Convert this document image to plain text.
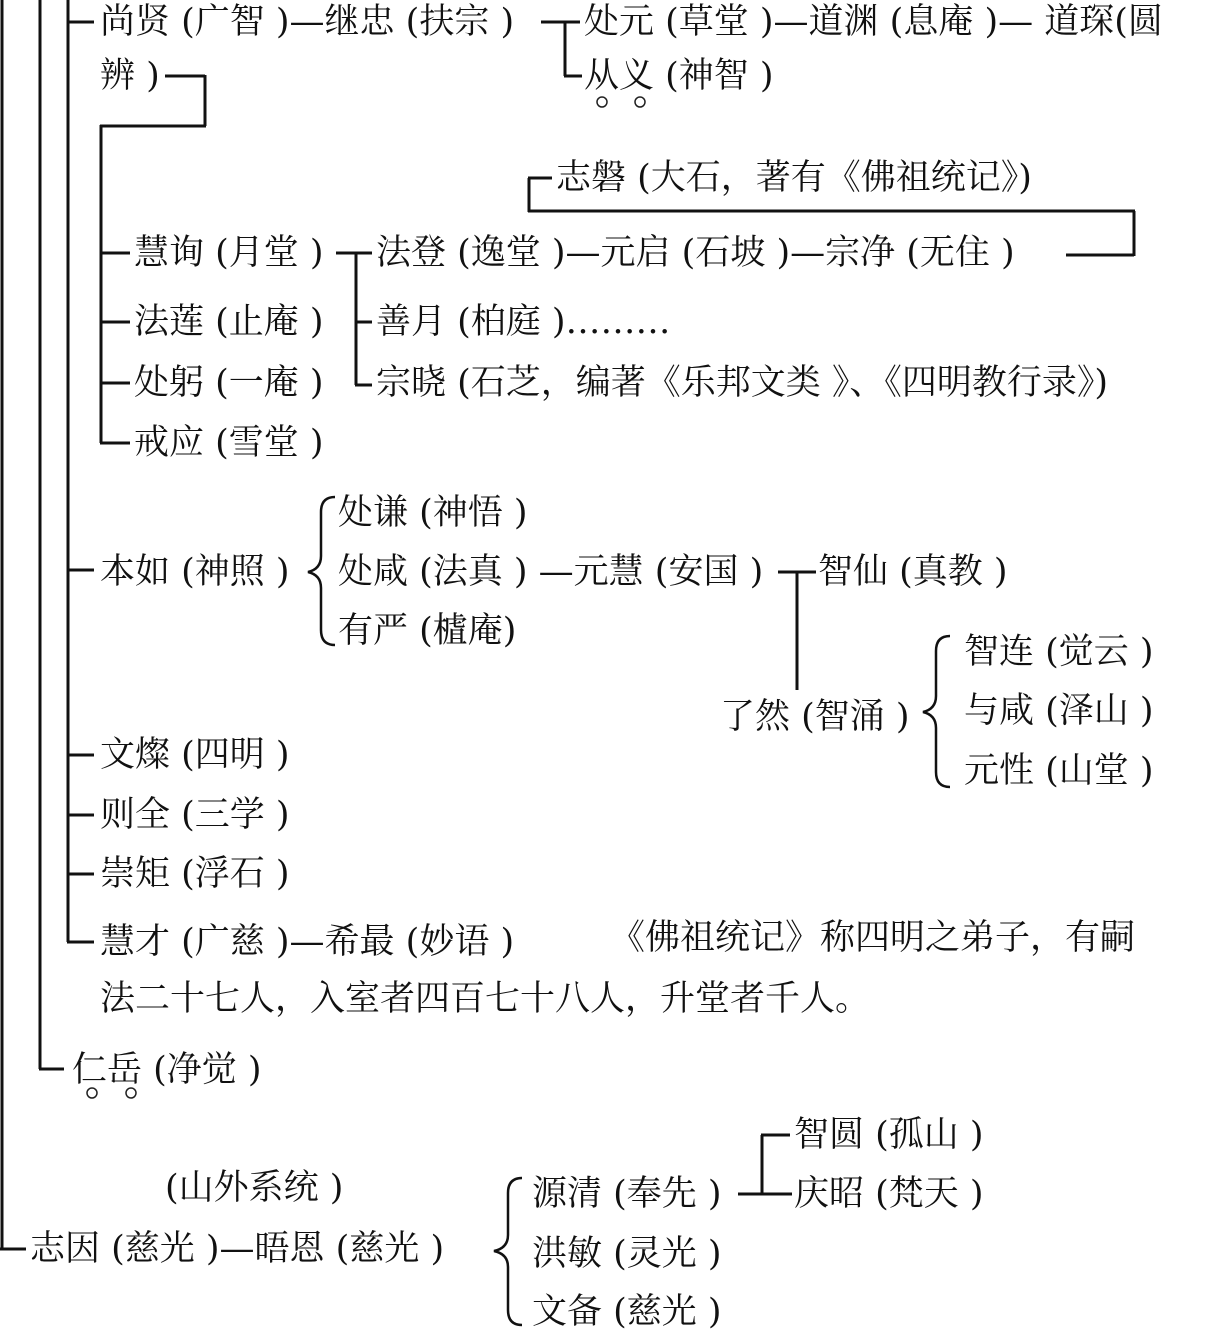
尚贤 (广智 )—继忠 (扶宗 ) 处元 (草堂 )—道渊 (息庵 )— 道琛(圆
辨 )	从义 (神智 )
志磐 (大石，著有《佛祖统记》)
慧询 (月堂 ) 法登 (逸堂 )—元启 (石坡 )—宗净 (无住 )
法莲 (止庵 ) 善月 (柏庭 )………
处躬 (一庵 ) 宗晓 (石芝，编著《乐邦文类 》、《四明教行录》)
戒应 (雪堂 )
处谦 (神悟 )
本如 (神照 ) 处咸 (法真 ) —元慧 (安国 ) 智仙 (真教 )
有严 (樝庵)
智连 (觉云 )
了然 (智涌 ) 与咸 (泽山 )
文燦 (四明 )	元性 (山堂 )
则全 (三学 )
崇矩 (浮石 )
慧才 (广慈 )—希最 (妙语 )	《佛祖统记》称四明之弟子，有嗣
法二十七人，入室者四百七十八人，升堂者千人。
仁岳 (净觉 )
智圆 (孤山 )
(山外系统 )	源清 (奉先 ) 庆昭 (梵天 )
志因 (慈光 )—晤恩 (慈光 )	洪敏 (灵光 )
文备 (慈光 )
